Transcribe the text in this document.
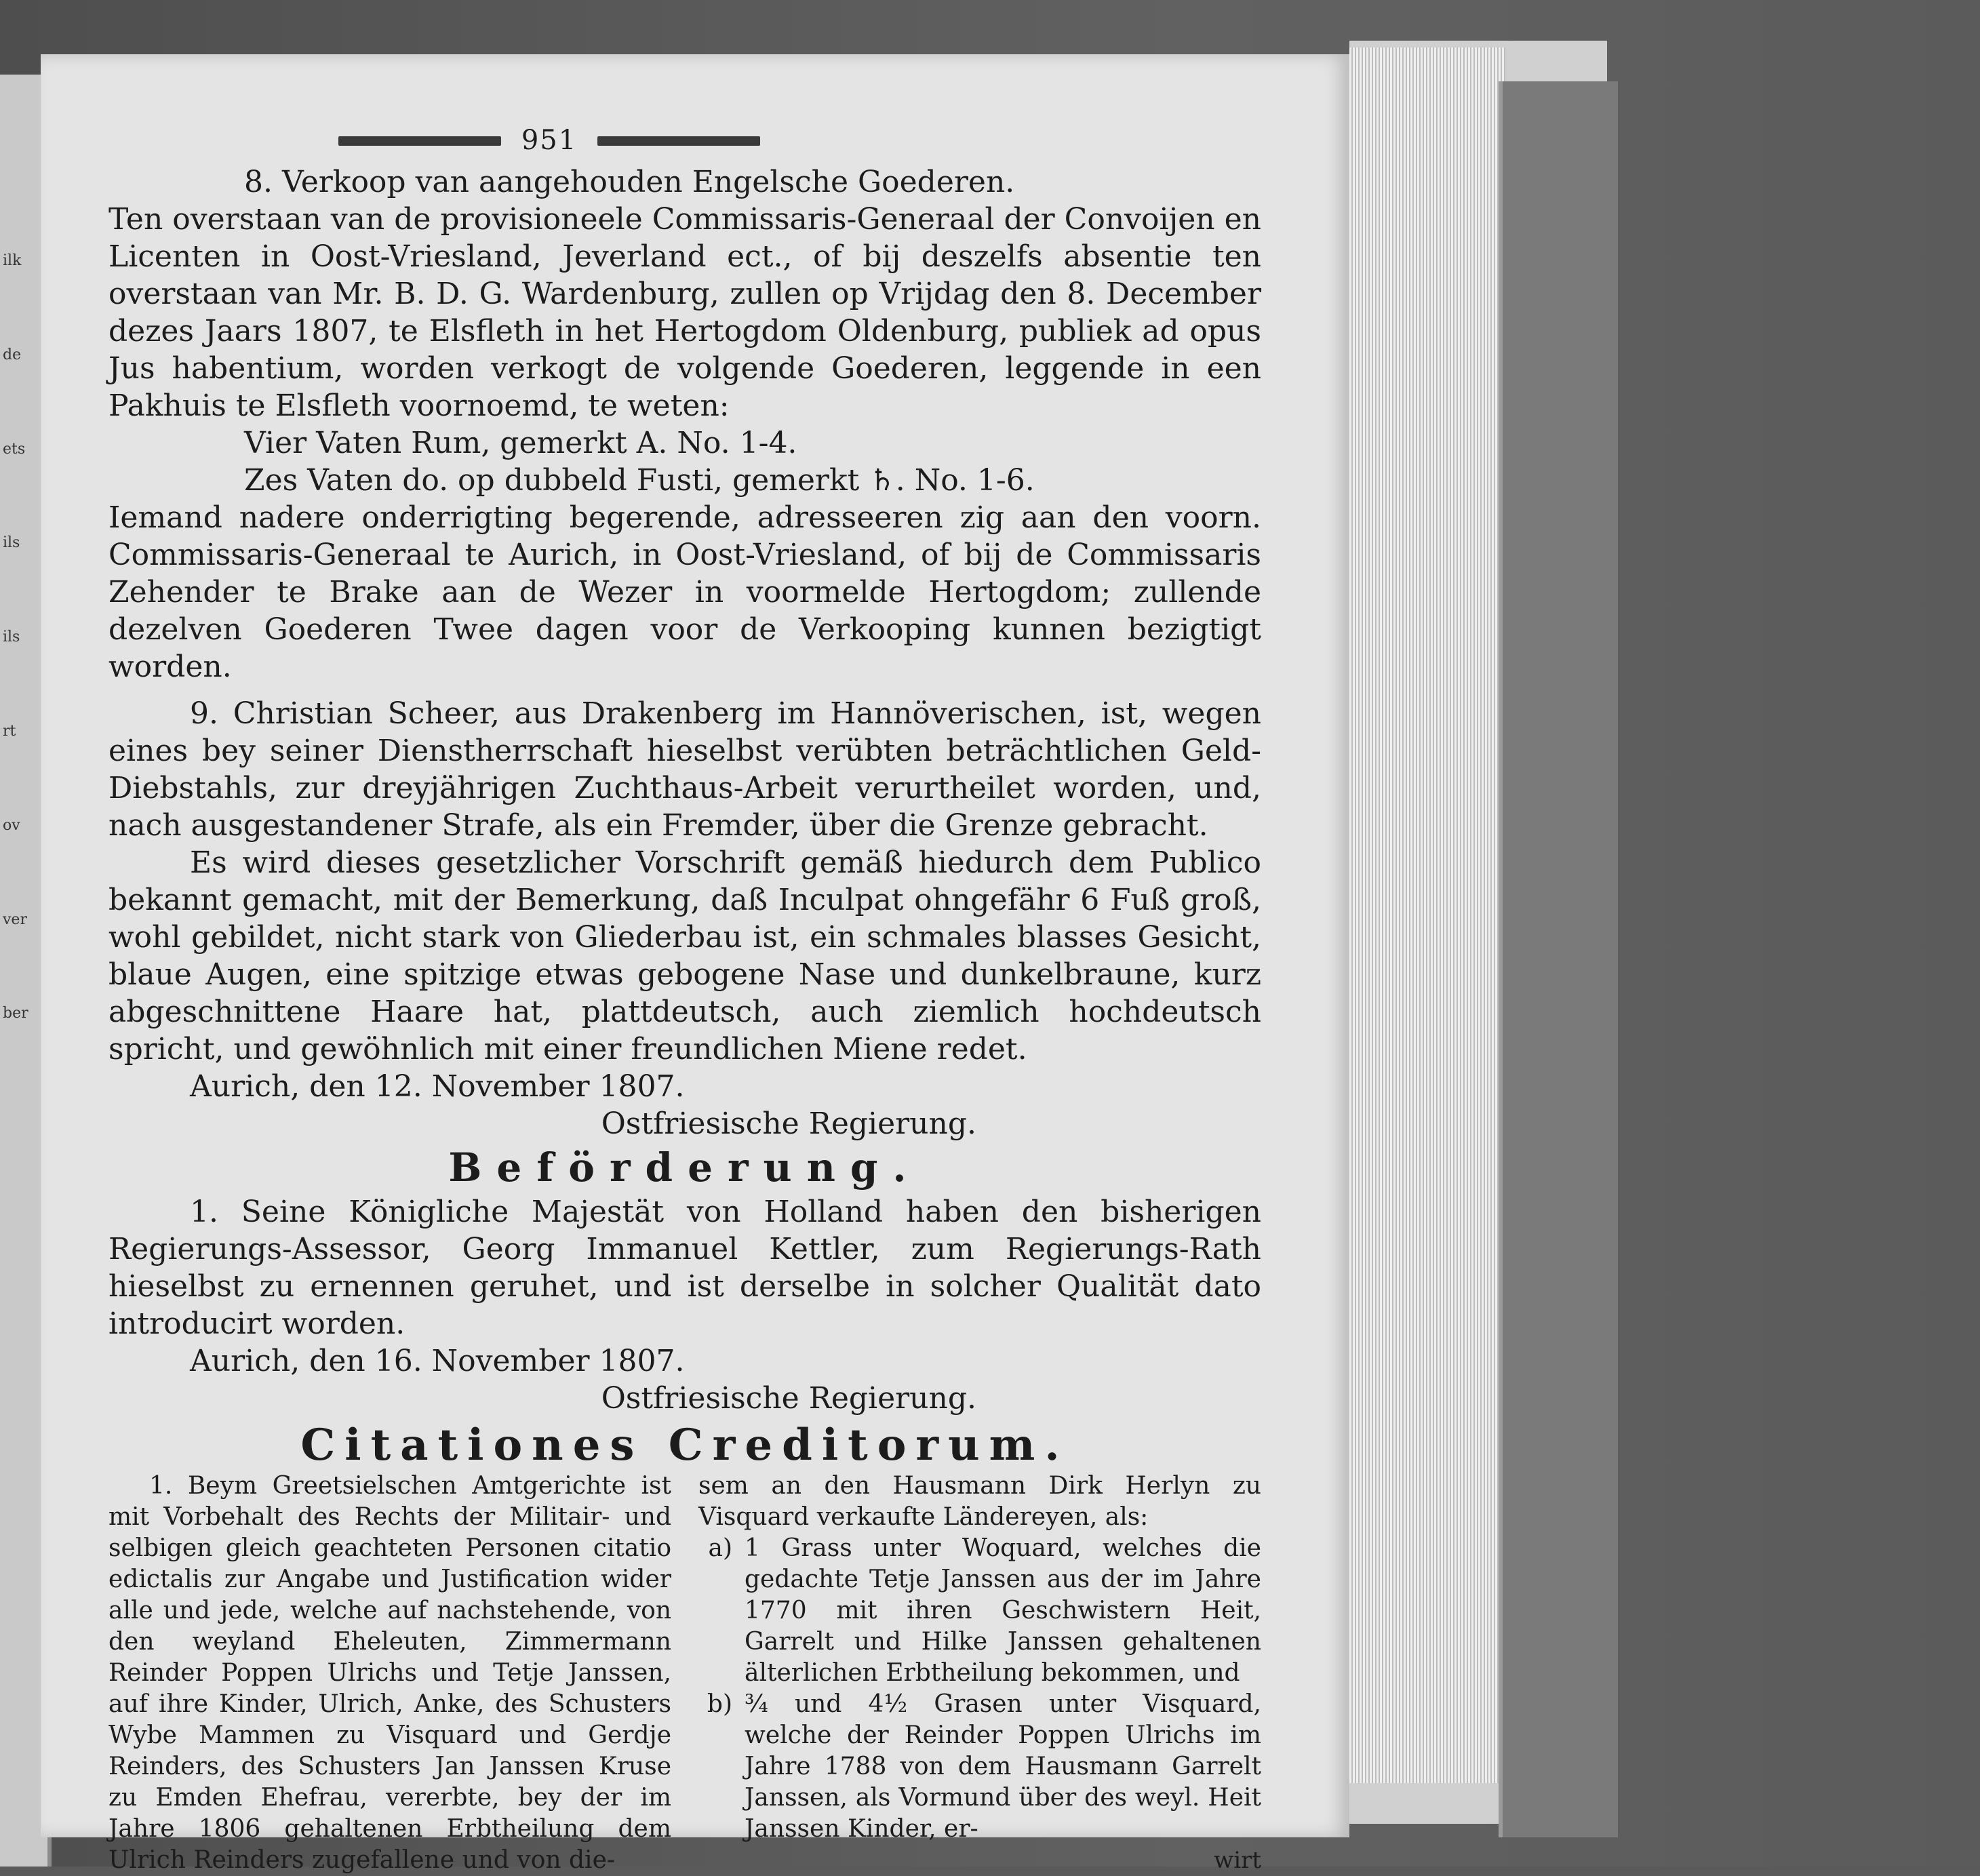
ilk
de
ets
ils
ils
rt
ov
ver
ber
951

8. Verkoop van aangehouden Engelsche Goederen.

Ten overstaan van de provisioneele Commissaris-Generaal der Convoijen en Licenten in Oost-Vriesland, Jeverland ect., of bij deszelfs absentie ten overstaan van Mr. B. D. G. Wardenburg, zullen op Vrijdag den 8. December dezes Jaars 1807, te Elsfleth in het Hertogdom Oldenburg, publiek ad opus Jus habentium, worden verkogt de volgende Goederen, leggende in een Pakhuis te Elsfleth voornoemd, te weten:

Vier Vaten Rum, gemerkt A. No. 1-4.

Zes Vaten do. op dubbeld Fusti, gemerkt ♄. No. 1-6.

Iemand nadere onderrigting begerende, adresseeren zig aan den voorn. Commissaris-Generaal te Aurich, in Oost-Vriesland, of bij de Commissaris Zehender te Brake aan de Wezer in voormelde Hertogdom; zullende dezelven Goederen Twee dagen voor de Verkooping kunnen bezigtigt worden.

9. Christian Scheer, aus Drakenberg im Hannöverischen, ist, wegen eines bey seiner Dienstherrschaft hieselbst verübten beträchtlichen Geld-Diebstahls, zur dreyjährigen Zuchthaus-Arbeit verurtheilet worden, und, nach ausgestandener Strafe, als ein Fremder, über die Grenze gebracht.

Es wird dieses gesetzlicher Vorschrift gemäß hiedurch dem Publico bekannt gemacht, mit der Bemerkung, daß Inculpat ohngefähr 6 Fuß groß, wohl gebildet, nicht stark von Gliederbau ist, ein schmales blasses Gesicht, blaue Augen, eine spitzige etwas gebogene Nase und dunkelbraune, kurz abgeschnittene Haare hat, plattdeutsch, auch ziemlich hochdeutsch spricht, und gewöhnlich mit einer freundlichen Miene redet.

Aurich, den 12. November 1807.

Ostfriesische Regierung.

Beförderung.

1. Seine Königliche Majestät von Holland haben den bisherigen Regierungs-Assessor, Georg Immanuel Kettler, zum Regierungs-Rath hieselbst zu ernennen geruhet, und ist derselbe in solcher Qualität dato introducirt worden.

Aurich, den 16. November 1807.

Ostfriesische Regierung.

Citationes Creditorum.

1. Beym Greetsielschen Amtgerichte ist mit Vorbehalt des Rechts der Militair- und selbigen gleich geachteten Personen citatio edictalis zur Angabe und Justification wider alle und jede, welche auf nachstehende, von den weyland Eheleuten, Zimmermann Reinder Poppen Ulrichs und Tetje Janssen, auf ihre Kinder, Ulrich, Anke, des Schusters Wybe Mammen zu Visquard und Gerdje Reinders, des Schusters Jan Janssen Kruse zu Emden Ehefrau, vererbte, bey der im Jahre 1806 gehaltenen Erbtheilung dem Ulrich Reinders zugefallene und von die-

sem an den Hausmann Dirk Herlyn zu Visquard verkaufte Ländereyen, als:

a) 1 Grass unter Woquard, welches die gedachte Tetje Janssen aus der im Jahre 1770 mit ihren Geschwistern Heit, Garrelt und Hilke Janssen gehaltenen älterlichen Erbtheilung bekommen, und

b) ¾ und 4½ Grasen unter Visquard, welche der Reinder Poppen Ulrichs im Jahre 1788 von dem Hausmann Garrelt Janssen, als Vormund über des weyl. Heit Janssen Kinder, er-

wirt
